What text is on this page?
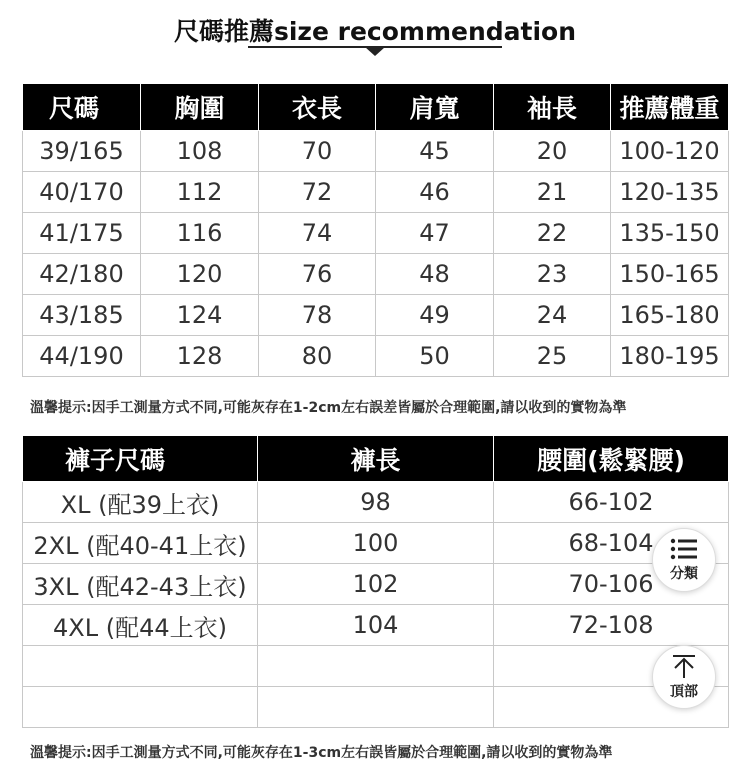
尺碼推薦size recommendation
尺碼	胸圍	衣長	肩寬	袖長	推薦體重
39/165	108	70	45	20	100-120
40/170	112	72	46	21	120-135
41/175	116	74	47	22	135-150
42/180	120	76	48	23	150-165
43/185	124	78	49	24	165-180
44/190	128	80	50	25	180-195
溫馨提示:因手工測量方式不同,可能灰存在1-2cm左右誤差皆屬於合理範圍,請以收到的實物為準
褲子尺碼	褲長	腰圍(鬆緊腰)
XL (配39上衣)	98	66-102
2XL (配40-41上衣)	100	68-104
3XL (配42-43上衣)	102	70-106
4XL (配44上衣)	104	72-108

溫馨提示:因手工測量方式不同,可能灰存在1-3cm左右誤皆屬於合理範圍,請以收到的實物為準
分類
頂部
